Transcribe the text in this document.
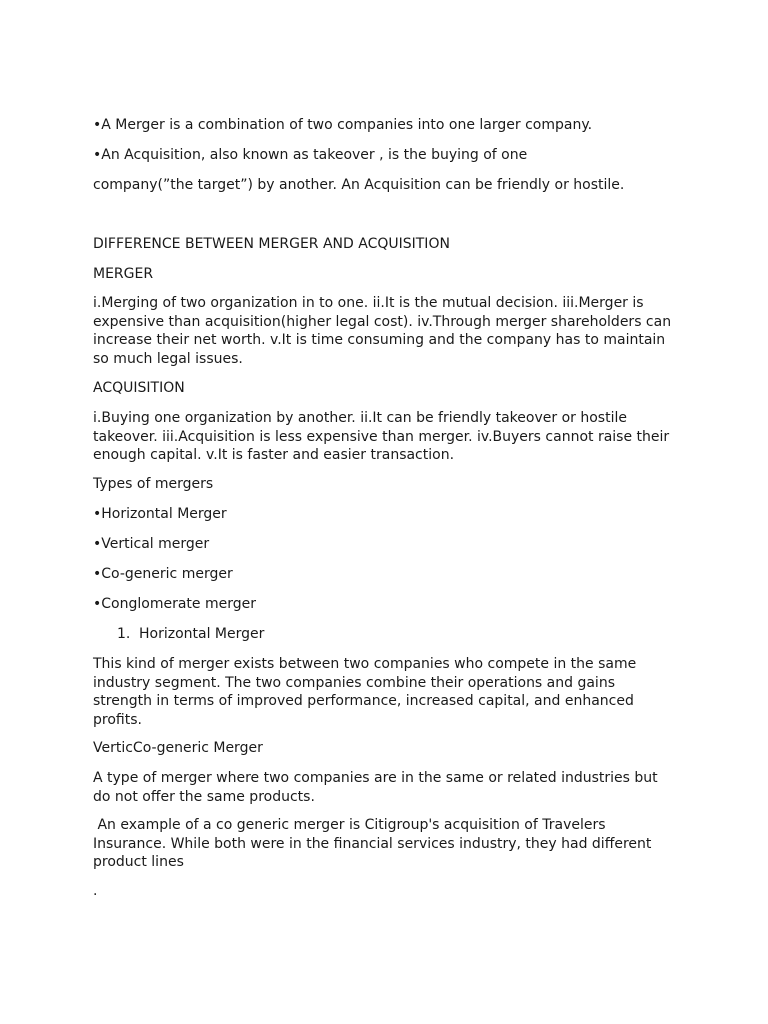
•A Merger is a combination of two companies into one larger company.

•An Acquisition, also known as takeover , is the buying of one

company(”the target”) by another. An Acquisition can be friendly or hostile.

DIFFERENCE BETWEEN MERGER AND ACQUISITION

MERGER

i.Merging of two organization in to one. ii.It is the mutual decision. iii.Merger is expensive than acquisition(higher legal cost). iv.Through merger shareholders can increase their net worth. v.It is time consuming and the company has to maintain so much legal issues.

ACQUISITION

i.Buying one organization by another. ii.It can be friendly takeover or hostile takeover. iii.Acquisition is less expensive than merger. iv.Buyers cannot raise their enough capital. v.It is faster and easier transaction.

Types of mergers

•Horizontal Merger

•Vertical merger

•Co-generic merger

•Conglomerate merger

1. Horizontal Merger

This kind of merger exists between two companies who compete in the same industry segment. The two companies combine their operations and gains strength in terms of improved performance, increased capital, and enhanced profits.

VerticCo-generic Merger

A type of merger where two companies are in the same or related industries but do not offer the same products.

An example of a co generic merger is Citigroup's acquisition of Travelers Insurance. While both were in the financial services industry, they had different product lines

.
